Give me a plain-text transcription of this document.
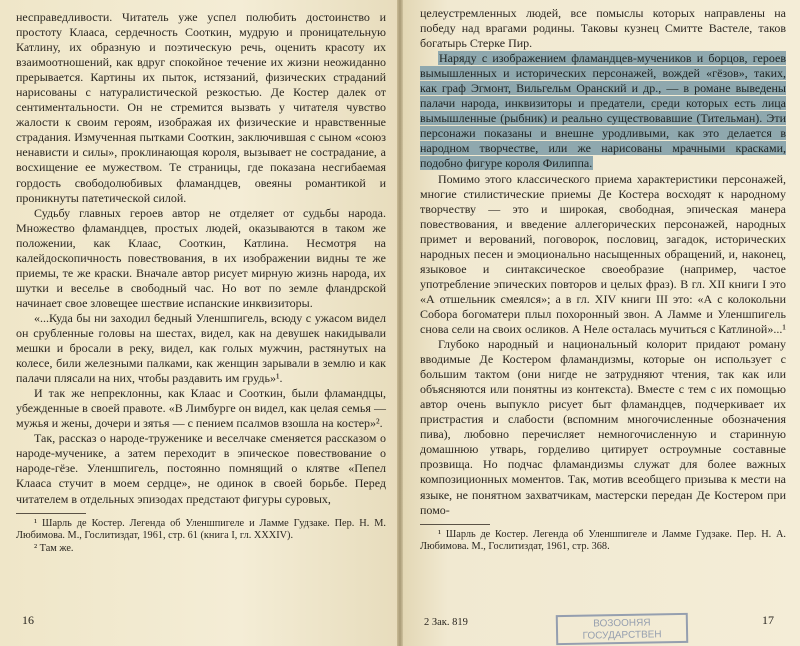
несправедливости. Читатель уже успел полюбить достоинство и простоту Клааса, сердечность Сооткин, мудрую и проницательную Катлину, их образную и поэтическую речь, оценить красоту их взаимоотношений, как вдруг спокойное течение их жизни неожиданно прерывается. Картины их пыток, истязаний, физических страданий нарисованы с натуралистической резкостью. Де Костер далек от сентиментальности. Он не стремится вызвать у читателя чувство жалости к своим героям, изображая их физические и нравственные страдания. Измученная пытками Сооткин, заключившая с сыном «союз ненависти и силы», проклинающая короля, вызывает не сострадание, а восхищение ее мужеством. Те страницы, где показана несгибаемая гордость свободолюбивых фламандцев, овеяны романтикой и проникнуты патетической силой.

Судьбу главных героев автор не отделяет от судьбы народа. Множество фламандцев, простых людей, оказываются в таком же положении, как Клаас, Сооткин, Катлина. Несмотря на калейдоскопичность повествования, в их изображении видны те же приемы, те же краски. Вначале автор рисует мирную жизнь народа, их шутки и веселье в свободный час. Но вот по земле фландрской начинает свое зловещее шествие испанские инквизиторы.

«...Куда бы ни заходил бедный Уленшпигель, всюду с ужасом видел он срубленные головы на шестах, видел, как на девушек накидывали мешки и бросали в реку, видел, как голых мужчин, растянутых на колесе, били железными палками, как женщин зарывали в землю и как палачи плясали на них, чтобы раздавить им грудь»¹.

И так же непреклонны, как Клаас и Сооткин, были фламандцы, убежденные в своей правоте. «В Лимбурге он видел, как целая семья — мужья и жены, дочери и зятья — с пением псалмов взошла на костер»².

Так, рассказ о народе-труженике и веселчаке сменяется рассказом о народе-мученике, а затем переходит в эпическое повествование о народе-гёзе. Уленшпигель, постоянно помнящий о клятве «Пепел Клааса стучит в моем сердце», не одинок в своей борьбе. Перед читателем в отдельных эпизодах предстают фигуры суровых,

¹ Шарль де Костер. Легенда об Уленшпигеле и Ламме Гудзаке. Пер. Н. М. Любимова. М., Гослитиздат, 1961, стр. 61 (книга I, гл. XXXIV).

² Там же.

16

целеустремленных людей, все помыслы которых направлены на победу над врагами родины. Таковы кузнец Смитте Вастеле, таков богатырь Стерке Пир.

Наряду с изображением фламандцев-мучеников и борцов, героев вымышленных и исторических персонажей, вождей «гёзов», таких, как граф Эгмонт, Вильгельм Оранский и др., — в романе выведены палачи народа, инквизиторы и предатели, среди которых есть лица вымышленные (рыбник) и реально существовавшие (Тительман). Эти персонажи показаны и внешне уродливыми, как это делается в народном творчестве, или же нарисованы мрачными красками, подобно фигуре короля Филиппа.

Помимо этого классического приема характеристики персонажей, многие стилистические приемы Де Костера восходят к народному творчеству — это и широкая, свободная, эпическая манера повествования, и введение аллегорических персонажей, народных примет и верований, поговорок, пословиц, загадок, исторических народных песен и эмоционально насыщенных обращений, и, наконец, языковое и синтаксическое своеобразие (например, частое употребление эпических повторов и целых фраз). В гл. XII книги I это «А отшельник смеялся»; а в гл. XIV книги III это: «А с колокольни Собора богоматери плыл похоронный звон. А Ламме и Уленшпигель снова сели на своих осликов. А Неле осталась мучиться с Катлиной»...¹

Глубоко народный и национальный колорит придают роману вводимые Де Костером фламандизмы, которые он использует с большим тактом (они нигде не затрудняют чтения, так как или объясняются или понятны из контекста). Вместе с тем с их помощью автор очень выпукло рисует быт фламандцев, подчеркивает их пристрастия и слабости (вспомним многочисленные обозначения пива), любовно перечисляет немногочисленную и старинную домашнюю утварь, горделиво цитирует остроумные составные прозвища. Но подчас фламандизмы служат для более важных композиционных моментов. Так, мотив всеобщего призыва к мести на языке, не понятном захватчикам, мастерски передан Де Костером при помо-

¹ Шарль де Костер. Легенда об Уленшпигеле и Ламме Гудзаке. Пер. Н. А. Любимова. М., Гослитиздат, 1961, стр. 368.

2 Зак. 819	ВОЗООНЯЯ ГОСУДАРСТВЕН
17
